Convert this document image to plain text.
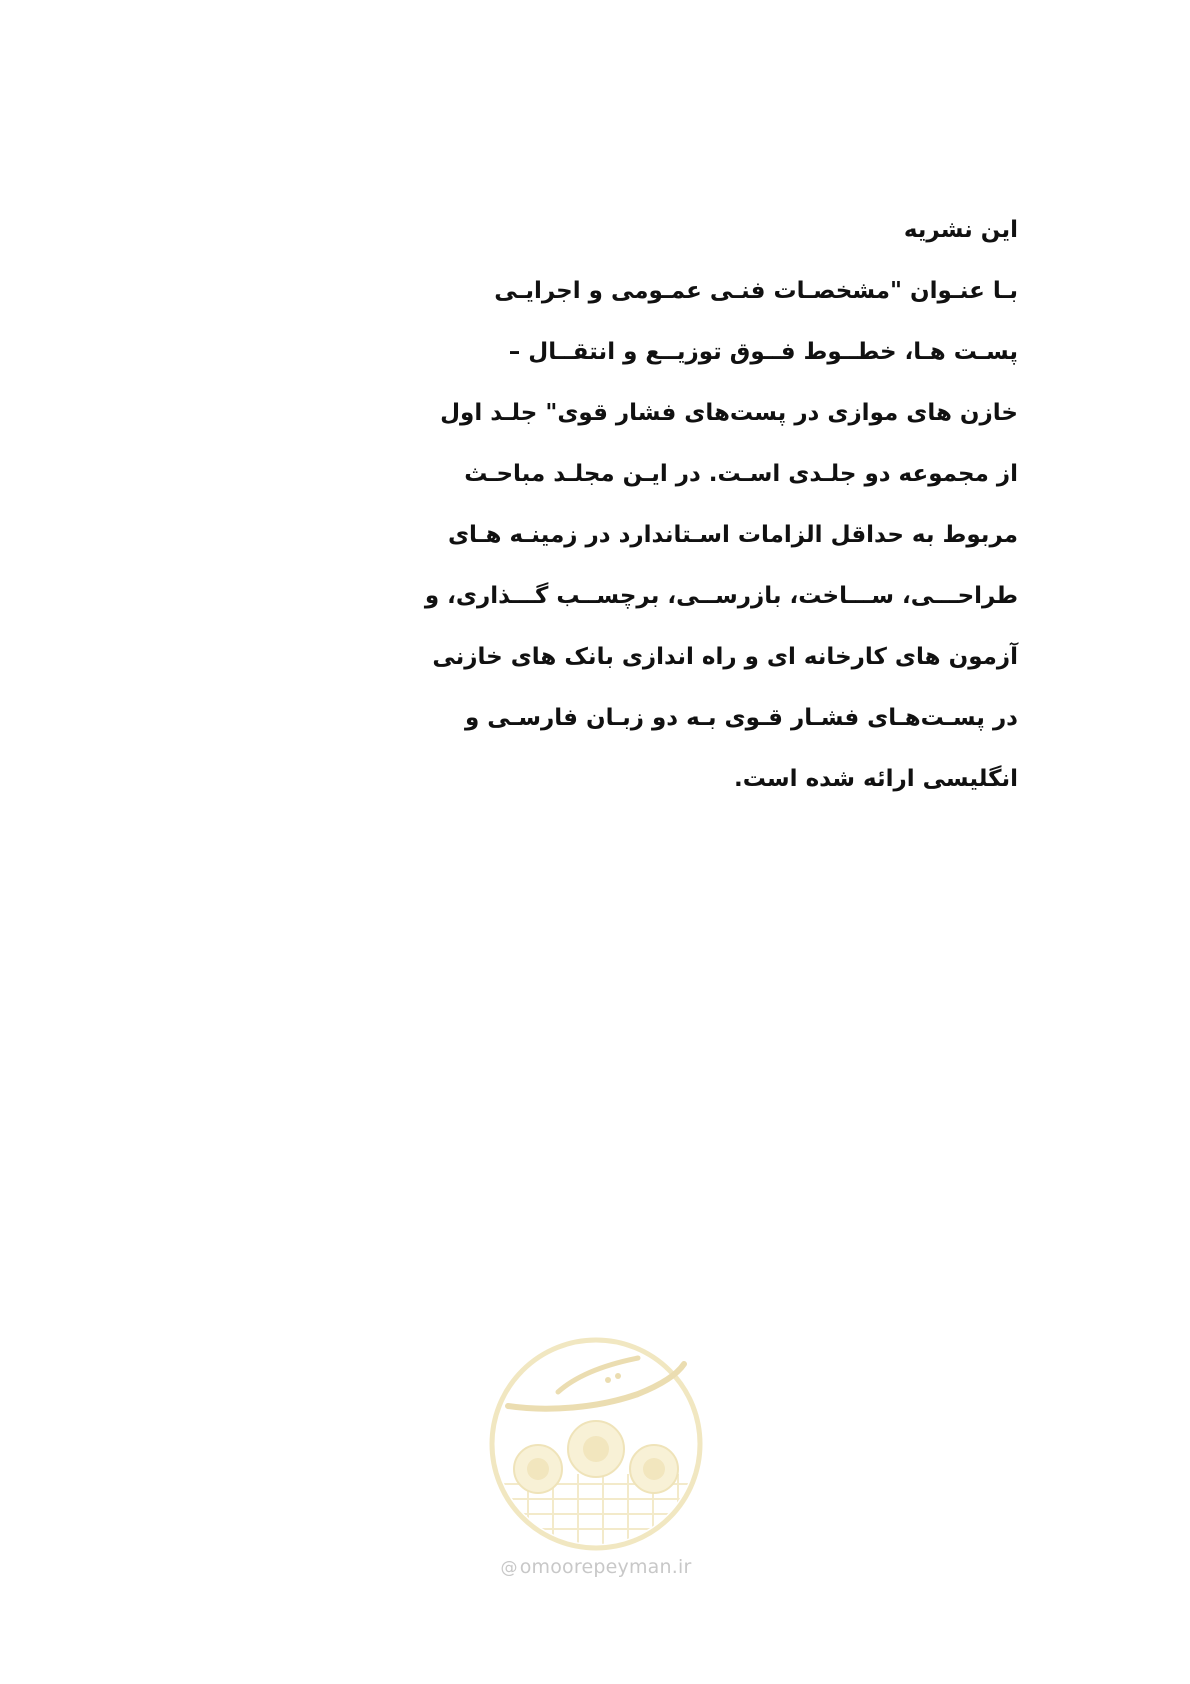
این نشریه
بـا عنـوان "مشخصـات فنـی عمـومی و اجرایـی
پسـت هـا، خطــوط فــوق توزیــع و انتقــال –
خازن های موازی در پست‌های فشار قوی" جلـد اول
از مجموعه دو جلـدی اسـت. در ایـن مجلـد مباحـث
مربوط به حداقل الزامات اسـتاندارد در زمینـه هـای
طراحـــی، ســـاخت، بازرســی، برچســب گـــذاری، و
آزمون های کارخانه ای و راه اندازی بانک های خازنی
در پسـت‌هـای فشـار قـوی بـه دو زبـان فارسـی و
انگلیسی ارائه شده است.
@ omoorepeyman.ir
